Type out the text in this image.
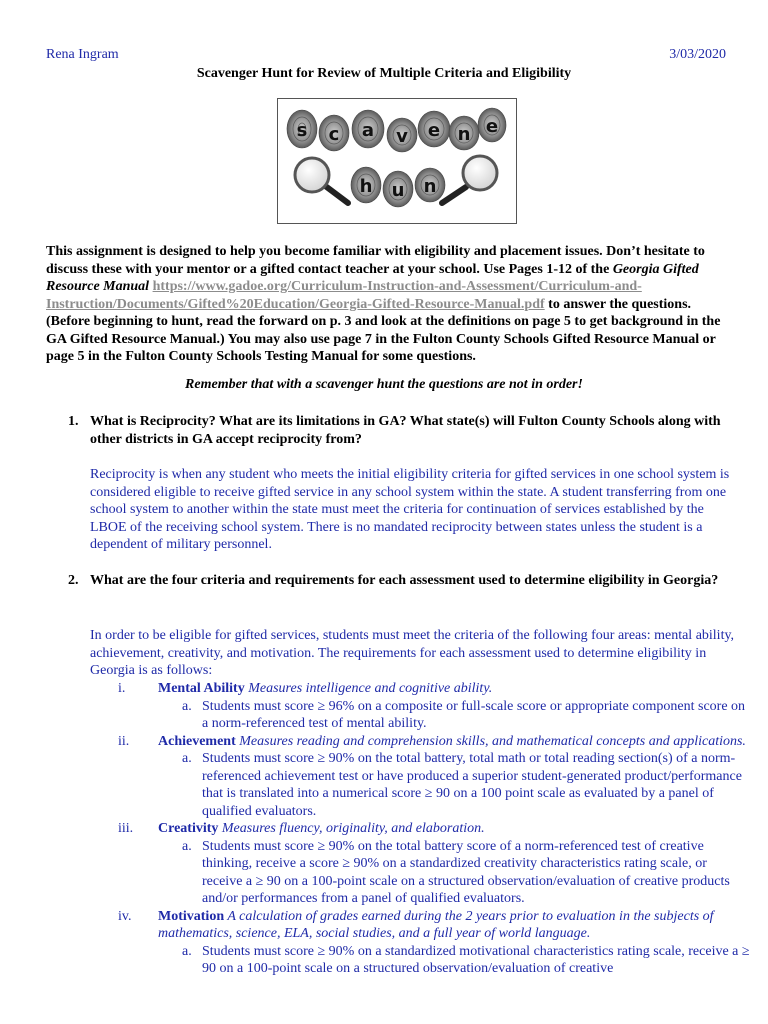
Rena Ingram	3/03/2020
Scavenger Hunt for Review of Multiple Criteria and Eligibility
s c a v e n e
h u n
This assignment is designed to help you become familiar with eligibility and placement issues. Don’t hesitate to discuss these with your mentor or a gifted contact teacher at your school. Use Pages 1-12 of the Georgia Gifted Resource Manual https://www.gadoe.org/Curriculum-Instruction-and-Assessment/Curriculum-and-Instruction/Documents/Gifted%20Education/Georgia-Gifted-Resource-Manual.pdf to answer the questions. (Before beginning to hunt, read the forward on p. 3 and look at the definitions on page 5 to get background in the GA Gifted Resource Manual.) You may also use page 7 in the Fulton County Schools Gifted Resource Manual or page 5 in the Fulton County Schools Testing Manual for some questions.
Remember that with a scavenger hunt the questions are not in order!
1. What is Reciprocity? What are its limitations in GA? What state(s) will Fulton County Schools along with other districts in GA accept reciprocity from?
Reciprocity is when any student who meets the initial eligibility criteria for gifted services in one school system is considered eligible to receive gifted service in any school system within the state. A student transferring from one school system to another within the state must meet the criteria for continuation of services established by the LBOE of the receiving school system. There is no mandated reciprocity between states unless the student is a dependent of military personnel.
2. What are the four criteria and requirements for each assessment used to determine eligibility in Georgia?
In order to be eligible for gifted services, students must meet the criteria of the following four areas: mental ability, achievement, creativity, and motivation. The requirements for each assessment used to determine eligibility in Georgia is as follows:
i. Mental Ability Measures intelligence and cognitive ability.
a. Students must score ≥ 96% on a composite or full-scale score or appropriate component score on a norm-referenced test of mental ability.
ii. Achievement Measures reading and comprehension skills, and mathematical concepts and applications.
a. Students must score ≥ 90% on the total battery, total math or total reading section(s) of a norm-referenced achievement test or have produced a superior student-generated product/performance that is translated into a numerical score ≥ 90 on a 100 point scale as evaluated by a panel of qualified evaluators.
iii. Creativity Measures fluency, originality, and elaboration.
a. Students must score ≥ 90% on the total battery score of a norm-referenced test of creative thinking, receive a score ≥ 90% on a standardized creativity characteristics rating scale, or receive a ≥ 90 on a 100-point scale on a structured observation/evaluation of creative products and/or performances from a panel of qualified evaluators.
iv. Motivation A calculation of grades earned during the 2 years prior to evaluation in the subjects of mathematics, science, ELA, social studies, and a full year of world language.
a. Students must score ≥ 90% on a standardized motivational characteristics rating scale, receive a ≥ 90 on a 100-point scale on a structured observation/evaluation of creative
